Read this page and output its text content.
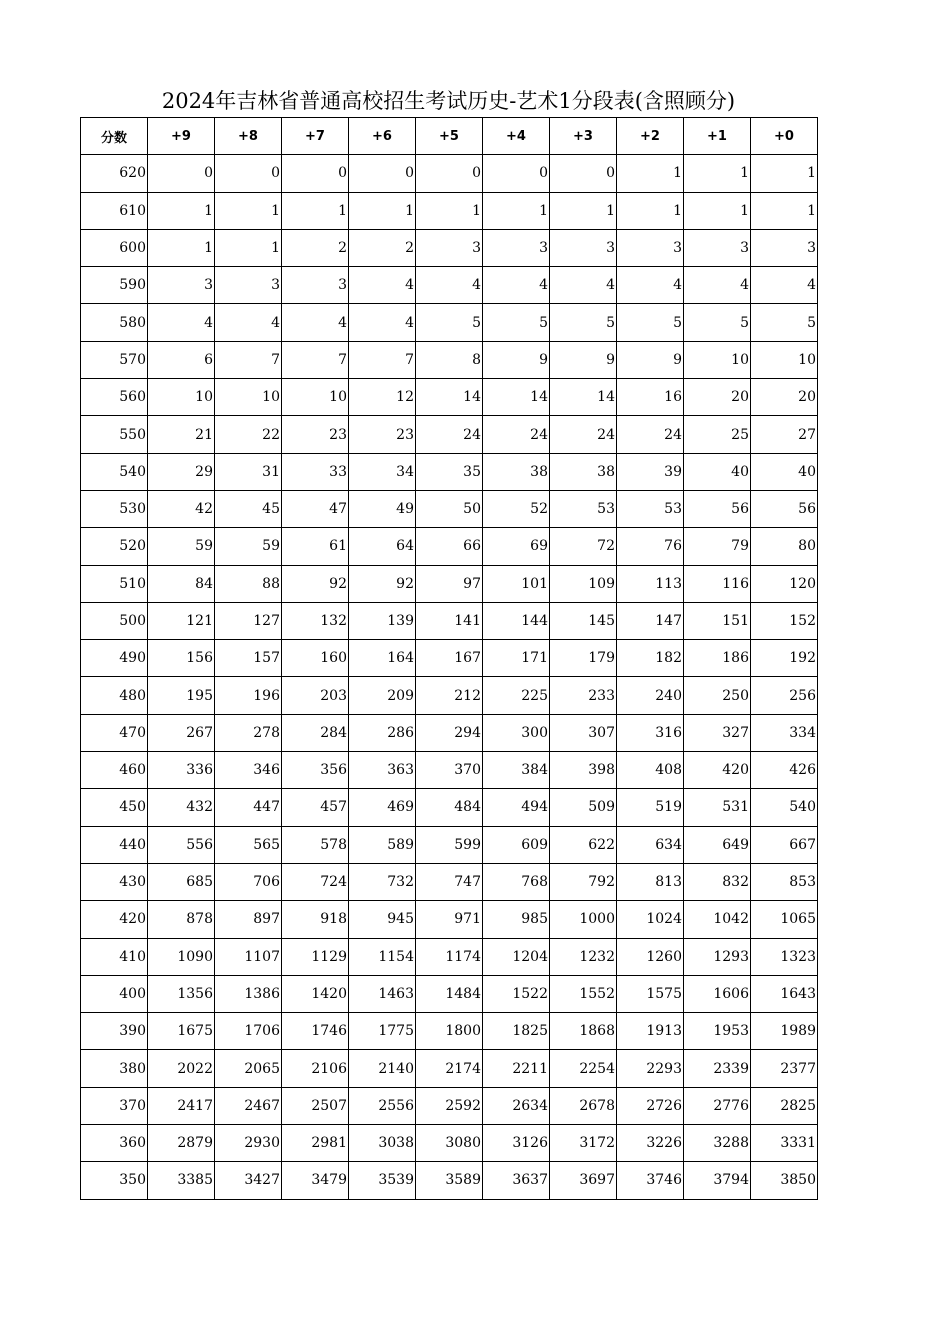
2024年吉林省普通高校招生考试历史-艺术1分段表(含照顾分)
分数	+9	+8	+7	+6	+5	+4	+3	+2	+1	+0
620	0	0	0	0	0	0	0	1	1	1
610	1	1	1	1	1	1	1	1	1	1
600	1	1	2	2	3	3	3	3	3	3
590	3	3	3	4	4	4	4	4	4	4
580	4	4	4	4	5	5	5	5	5	5
570	6	7	7	7	8	9	9	9	10	10
560	10	10	10	12	14	14	14	16	20	20
550	21	22	23	23	24	24	24	24	25	27
540	29	31	33	34	35	38	38	39	40	40
530	42	45	47	49	50	52	53	53	56	56
520	59	59	61	64	66	69	72	76	79	80
510	84	88	92	92	97	101	109	113	116	120
500	121	127	132	139	141	144	145	147	151	152
490	156	157	160	164	167	171	179	182	186	192
480	195	196	203	209	212	225	233	240	250	256
470	267	278	284	286	294	300	307	316	327	334
460	336	346	356	363	370	384	398	408	420	426
450	432	447	457	469	484	494	509	519	531	540
440	556	565	578	589	599	609	622	634	649	667
430	685	706	724	732	747	768	792	813	832	853
420	878	897	918	945	971	985	1000	1024	1042	1065
410	1090	1107	1129	1154	1174	1204	1232	1260	1293	1323
400	1356	1386	1420	1463	1484	1522	1552	1575	1606	1643
390	1675	1706	1746	1775	1800	1825	1868	1913	1953	1989
380	2022	2065	2106	2140	2174	2211	2254	2293	2339	2377
370	2417	2467	2507	2556	2592	2634	2678	2726	2776	2825
360	2879	2930	2981	3038	3080	3126	3172	3226	3288	3331
350	3385	3427	3479	3539	3589	3637	3697	3746	3794	3850
